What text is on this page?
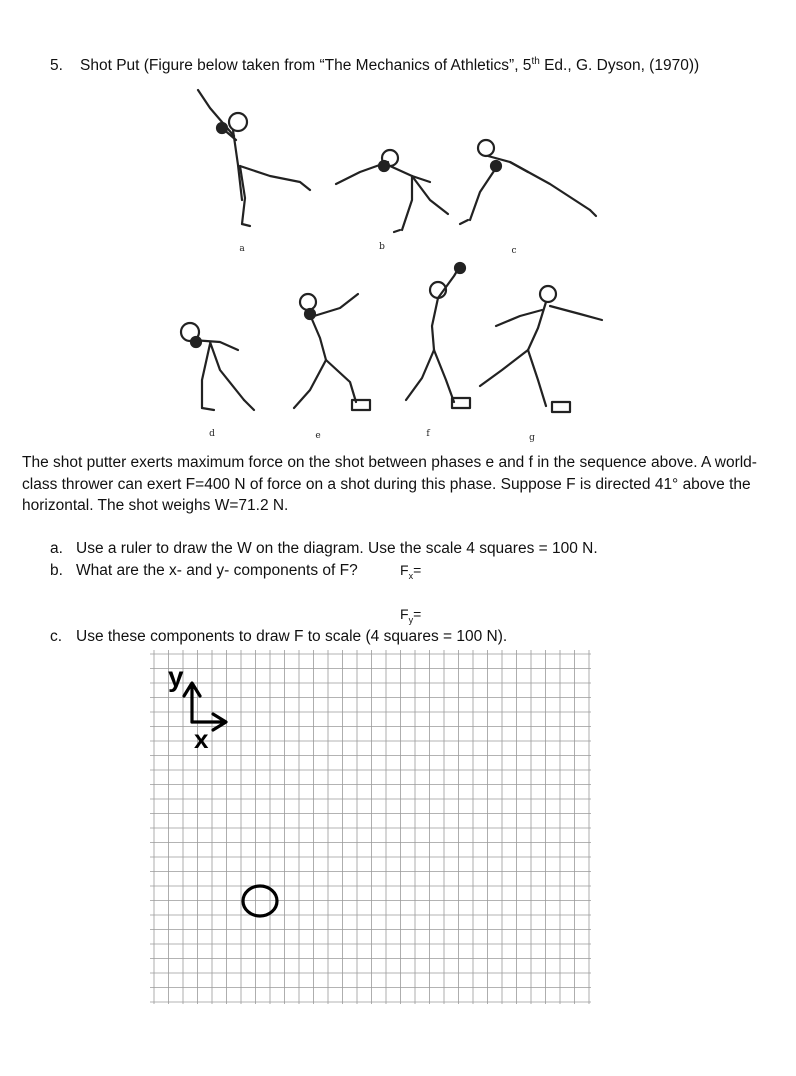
5. Shot Put (Figure below taken from “The Mechanics of Athletics”, 5th Ed., G. Dyson, (1970))
a	b	c
d	e	f	g
The shot putter exerts maximum force on the shot between phases e and f in the sequence above. A world-class thrower can exert F=400 N of force on a shot during this phase. Suppose F is directed 41° above the horizontal. The shot weighs W=71.2 N.
a. Use a ruler to draw the W on the diagram. Use the scale 4 squares = 100 N.
b. What are the x- and y- components of F?	$F_x=$
$F_y=$
c. Use these components to draw F to scale (4 squares = 100 N).
y
x
